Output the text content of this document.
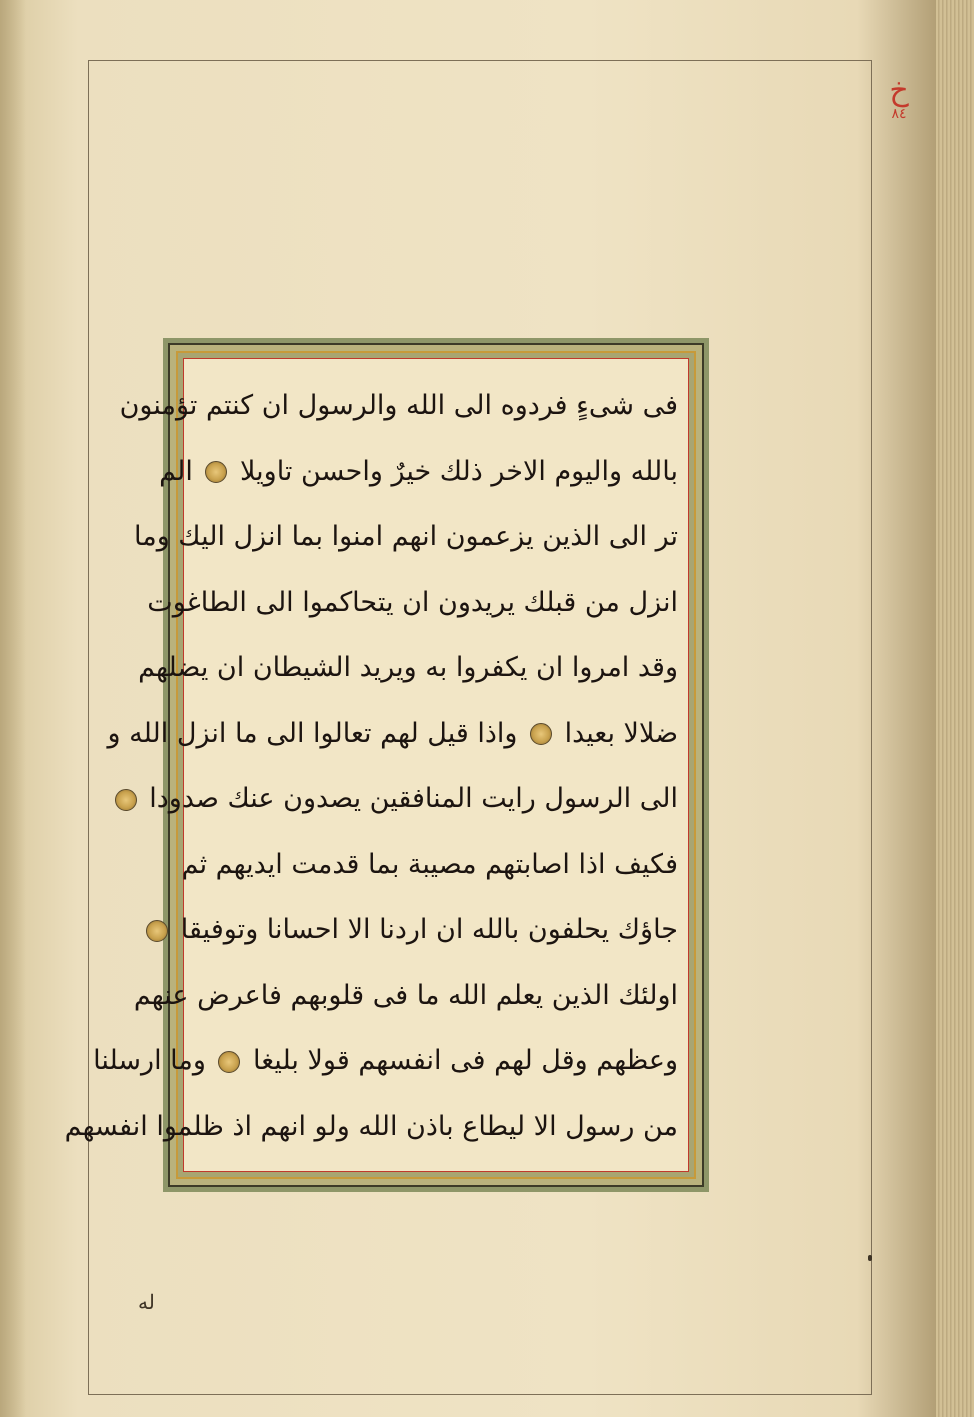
خ
٨٤
فى شىءٍ فردوه الى الله والرسول ان كنتم تؤمنون
بالله واليوم الاخر ذلك خيرٌ واحسن تاويلا  الم
تر الى الذين يزعمون انهم امنوا بما انزل اليك وما
انزل من قبلك يريدون ان يتحاكموا الى الطاغوت
وقد امروا ان يكفروا به ويريد الشيطان ان يضلهم
ضلالا بعيدا  واذا قيل لهم تعالوا الى ما انزل الله و
الى الرسول رايت المنافقين يصدون عنك صدودا
فكيف اذا اصابتهم مصيبة بما قدمت ايديهم ثم
جاؤك يحلفون بالله ان اردنا الا احسانا وتوفيقا
اولئك الذين يعلم الله ما فى قلوبهم فاعرض عنهم
وعظهم وقل لهم فى انفسهم قولا بليغا  وما ارسلنا
من رسول الا ليطاع باذن الله ولو انهم اذ ظلموا انفسهم
ﻟﻪ
